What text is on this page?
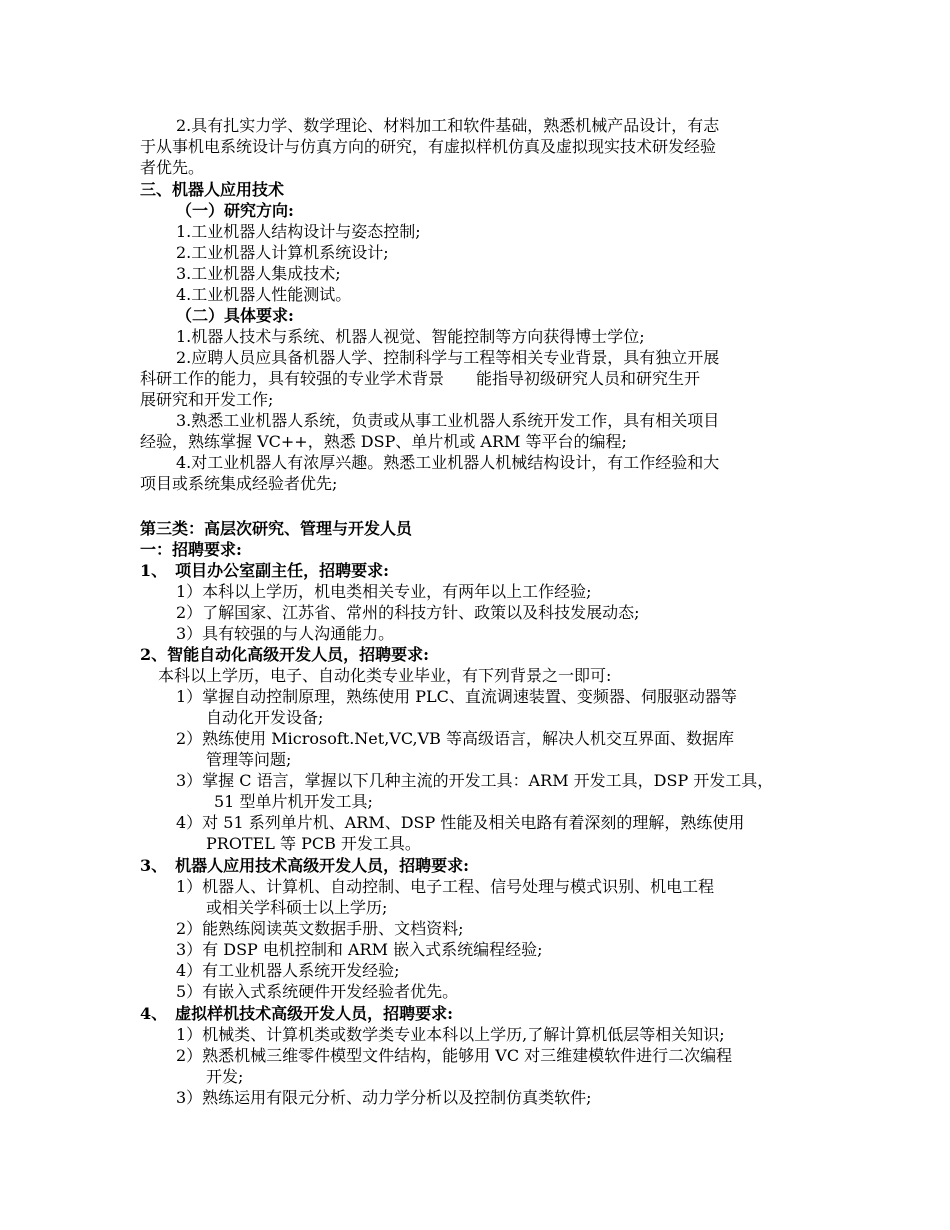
2.具有扎实力学、数学理论、材料加工和软件基础，熟悉机械产品设计，有志
于从事机电系统设计与仿真方向的研究，有虚拟样机仿真及虚拟现实技术研发经验
者优先。
三、机器人应用技术
（一）研究方向:
1.工业机器人结构设计与姿态控制;
2.工业机器人计算机系统设计;
3.工业机器人集成技术;
4.工业机器人性能测试。
（二）具体要求:
1.机器人技术与系统、机器人视觉、智能控制等方向获得博士学位;
2.应聘人员应具备机器人学、控制科学与工程等相关专业背景，具有独立开展
科研工作的能力，具有较强的专业学术背景　　能指导初级研究人员和研究生开
展研究和开发工作;
3.熟悉工业机器人系统，负责或从事工业机器人系统开发工作，具有相关项目
经验，熟练掌握 VC++，熟悉 DSP、单片机或 ARM 等平台的编程;
4.对工业机器人有浓厚兴趣。熟悉工业机器人机械结构设计，有工作经验和大
项目或系统集成经验者优先;
第三类：高层次研究、管理与开发人员
一：招聘要求:
1、　项目办公室副主任，招聘要求:
1）本科以上学历，机电类相关专业，有两年以上工作经验;
2）了解国家、江苏省、常州的科技方针、政策以及科技发展动态;
3）具有较强的与人沟通能力。
2、智能自动化高级开发人员，招聘要求:
本科以上学历，电子、自动化类专业毕业，有下列背景之一即可:
1）掌握自动控制原理，熟练使用 PLC、直流调速装置、变频器、伺服驱动器等
自动化开发设备;
2）熟练使用 Microsoft.Net,VC,VB 等高级语言，解决人机交互界面、数据库
管理等问题;
3）掌握 C 语言，掌握以下几种主流的开发工具：ARM 开发工具，DSP 开发工具，
51 型单片机开发工具;
4）对 51 系列单片机、ARM、DSP 性能及相关电路有着深刻的理解，熟练使用
PROTEL 等 PCB 开发工具。
3、　机器人应用技术高级开发人员，招聘要求:
1）机器人、计算机、自动控制、电子工程、信号处理与模式识别、机电工程
或相关学科硕士以上学历;
2）能熟练阅读英文数据手册、文档资料;
3）有 DSP 电机控制和 ARM 嵌入式系统编程经验;
4）有工业机器人系统开发经验;
5）有嵌入式系统硬件开发经验者优先。
4、　虚拟样机技术高级开发人员，招聘要求:
1）机械类、计算机类或数学类专业本科以上学历,了解计算机低层等相关知识;
2）熟悉机械三维零件模型文件结构，能够用 VC 对三维建模软件进行二次编程
开发;
3）熟练运用有限元分析、动力学分析以及控制仿真类软件;
